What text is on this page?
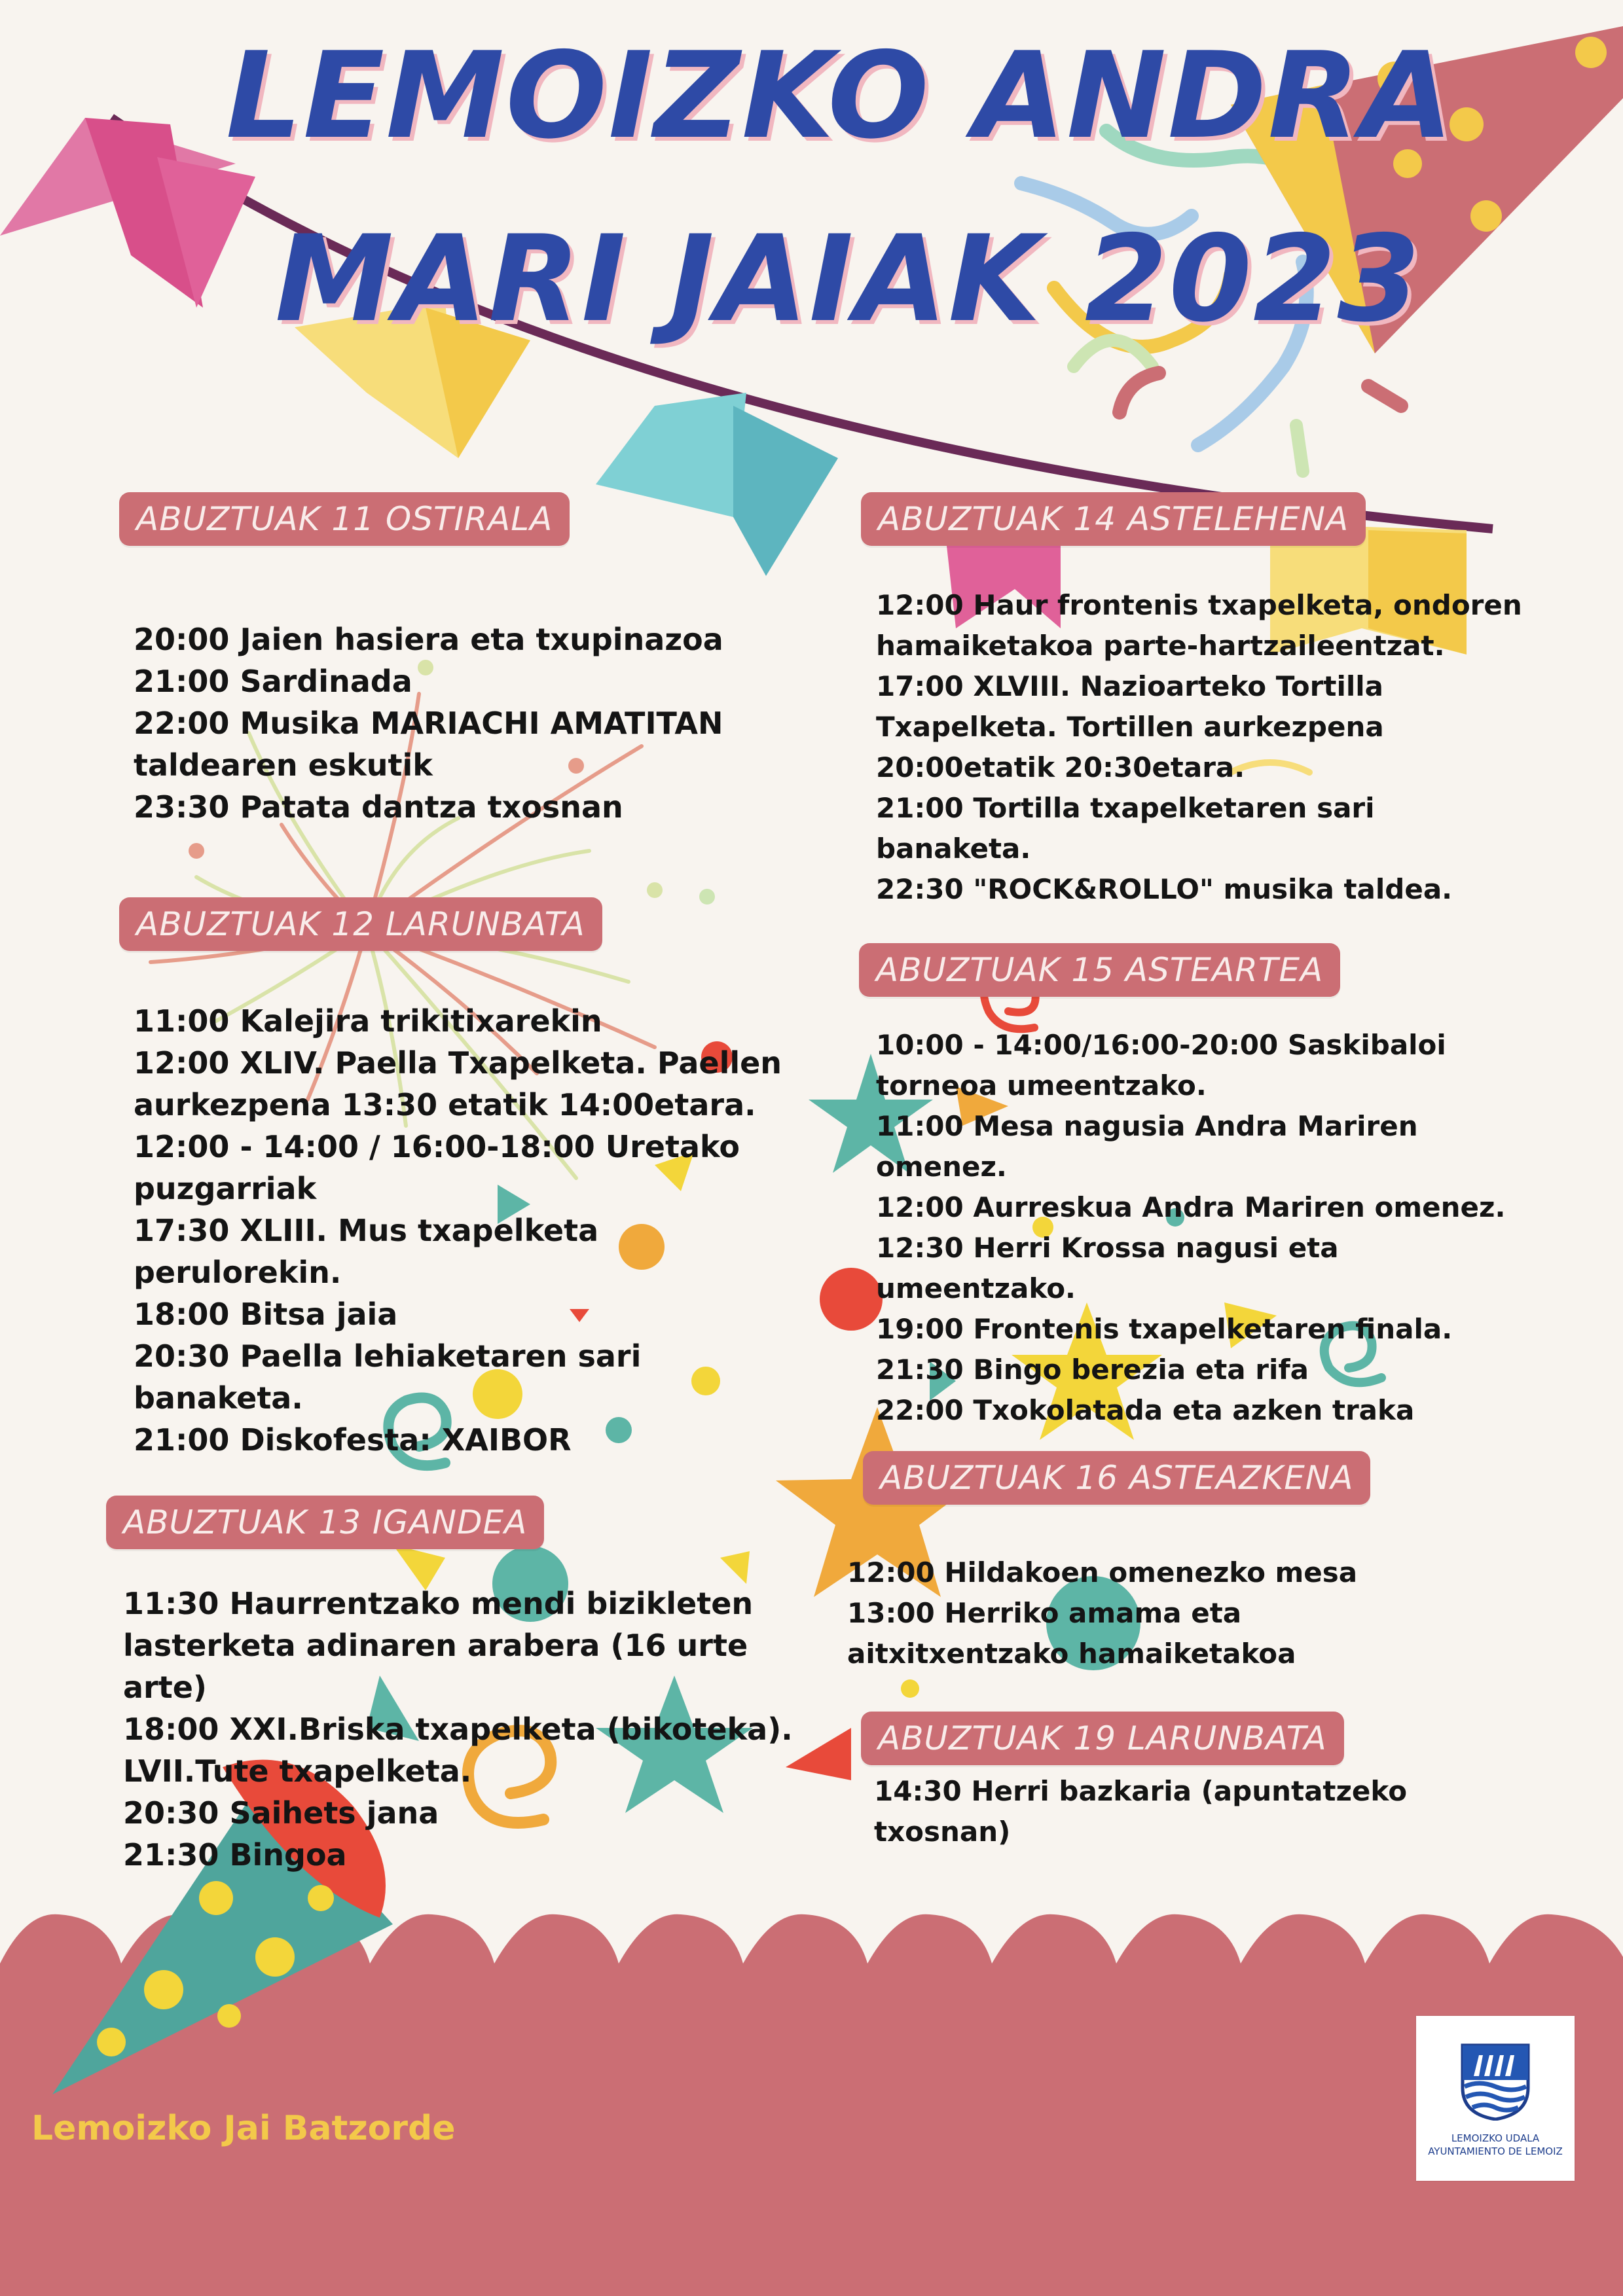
LEMOIZKO ANDRA
MARI JAIAK 2023
ABUZTUAK 11 OSTIRALA
20:00 Jaien hasiera eta txupinazoa
21:00 Sardinada
22:00 Musika MARIACHI AMATITAN
taldearen eskutik
23:30 Patata dantza txosnan
ABUZTUAK 12 LARUNBATA
11:00 Kalejira trikitixarekin
12:00 XLIV. Paella Txapelketa. Paellen
aurkezpena 13:30 etatik 14:00etara.
12:00 - 14:00 / 16:00-18:00 Uretako
puzgarriak
17:30 XLIII. Mus txapelketa
perulorekin.
18:00 Bitsa jaia
20:30 Paella lehiaketaren sari
banaketa.
21:00 Diskofesta: XAIBOR
ABUZTUAK 13 IGANDEA
11:30 Haurrentzako mendi bizikleten
lasterketa adinaren arabera (16 urte
arte)
18:00 XXI.Briska txapelketa (bikoteka).
LVII.Tute txapelketa.
20:30 Saihets jana
21:30 Bingoa
ABUZTUAK 14 ASTELEHENA
12:00 Haur frontenis txapelketa, ondoren
hamaiketakoa parte-hartzaileentzat.
17:00 XLVIII. Nazioarteko Tortilla
Txapelketa. Tortillen aurkezpena
20:00etatik 20:30etara.
21:00 Tortilla txapelketaren sari
banaketa.
22:30 "ROCK&ROLLO" musika taldea.
ABUZTUAK 15 ASTEARTEA
10:00 - 14:00/16:00-20:00 Saskibaloi
torneoa umeentzako.
11:00 Mesa nagusia Andra Mariren
omenez.
12:00 Aurreskua Andra Mariren omenez.
12:30 Herri Krossa nagusi eta
umeentzako.
19:00 Frontenis txapelketaren finala.
21:30 Bingo berezia eta rifa
22:00 Txokolatada eta azken traka
ABUZTUAK 16 ASTEAZKENA
12:00 Hildakoen omenezko mesa
13:00 Herriko amama eta
aitxitxentzako hamaiketakoa
ABUZTUAK 19 LARUNBATA
14:30 Herri bazkaria (apuntatzeko
txosnan)
Lemoizko Jai Batzorde	LEMOIZKO UDALA
AYUNTAMIENTO DE LEMOIZ
